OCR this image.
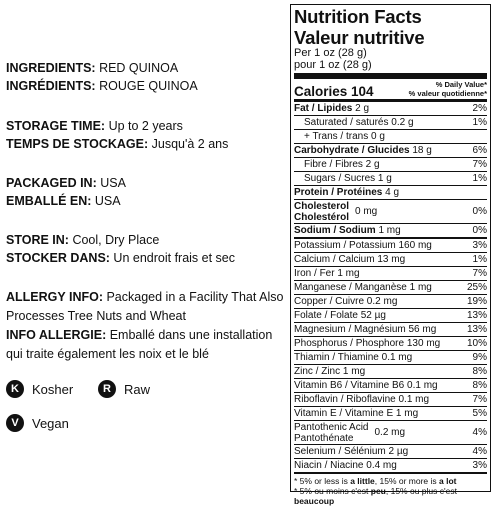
INGREDIENTS: RED QUINOA
INGRÉDIENTS: ROUGE QUINOA
STORAGE TIME: Up to 2 years
TEMPS DE STOCKAGE: Jusqu'à 2 ans
PACKAGED IN: USA
EMBALLÉ EN: USA
STORE IN: Cool, Dry Place
STOCKER DANS: Un endroit frais et sec
ALLERGY INFO: Packaged in a Facility That Also Processes Tree Nuts and Wheat
INFO ALLERGIE: Emballé dans une installation qui traite également les noix et le blé
K	Kosher	R	Raw
V	Vegan
Nutrition Facts
Valeur nutritive
Per 1 oz (28 g)
pour 1 oz (28 g)
Calories 104	% Daily Value*
% valeur quotidienne*
Fat / Lipides 2 g	2%
Saturated / saturés 0.2 g	1%
+ Trans / trans 0 g
Carbohydrate / Glucides 18 g	6%
Fibre / Fibres 2 g	7%
Sugars / Sucres 1 g	1%
Protein / Protéines 4 g
Cholesterol
Cholestérol 0 mg	0%
Sodium / Sodium 1 mg	0%
Potassium / Potassium 160 mg	3%
Calcium / Calcium 13 mg	1%
Iron / Fer 1 mg	7%
Manganese / Manganèse 1 mg	25%
Copper / Cuivre 0.2 mg	19%
Folate / Folate 52 µg	13%
Magnesium / Magnésium 56 mg	13%
Phosphorus / Phosphore 130 mg	10%
Thiamin / Thiamine 0.1 mg	9%
Zinc / Zinc 1 mg	8%
Vitamin B6 / Vitamine B6 0.1 mg	8%
Riboflavin / Riboflavine 0.1 mg	7%
Vitamin E / Vitamine E 1 mg	5%
Pantothenic Acid
Pantothénate	0.2 mg	4%
Selenium / Sélénium 2 µg	4%
Niacin / Niacine 0.4 mg	3%
* 5% or less is a little, 15% or more is a lot
* 5% ou moins c'est peu, 15% ou plus c'est beaucoup
